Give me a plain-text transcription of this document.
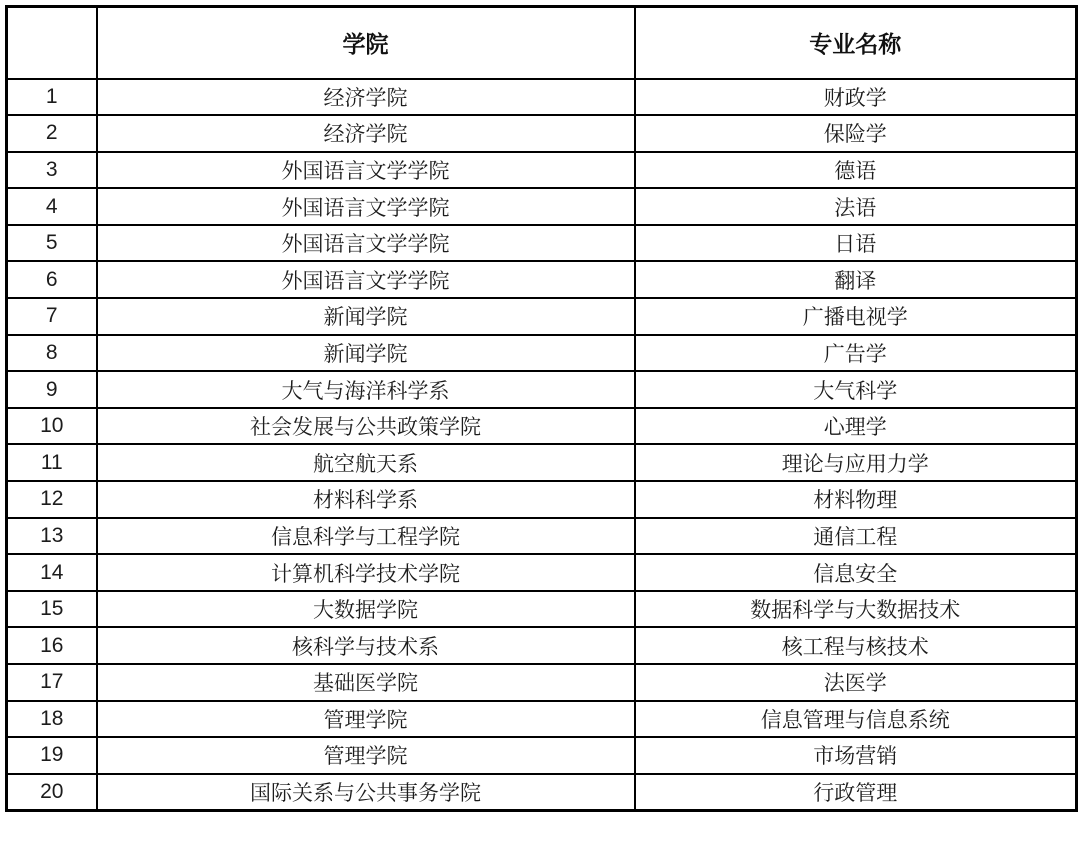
	学院	专业名称
1	经济学院	财政学
2	经济学院	保险学
3	外国语言文学学院	德语
4	外国语言文学学院	法语
5	外国语言文学学院	日语
6	外国语言文学学院	翻译
7	新闻学院	广播电视学
8	新闻学院	广告学
9	大气与海洋科学系	大气科学
10	社会发展与公共政策学院	心理学
11	航空航天系	理论与应用力学
12	材料科学系	材料物理
13	信息科学与工程学院	通信工程
14	计算机科学技术学院	信息安全
15	大数据学院	数据科学与大数据技术
16	核科学与技术系	核工程与核技术
17	基础医学院	法医学
18	管理学院	信息管理与信息系统
19	管理学院	市场营销
20	国际关系与公共事务学院	行政管理
